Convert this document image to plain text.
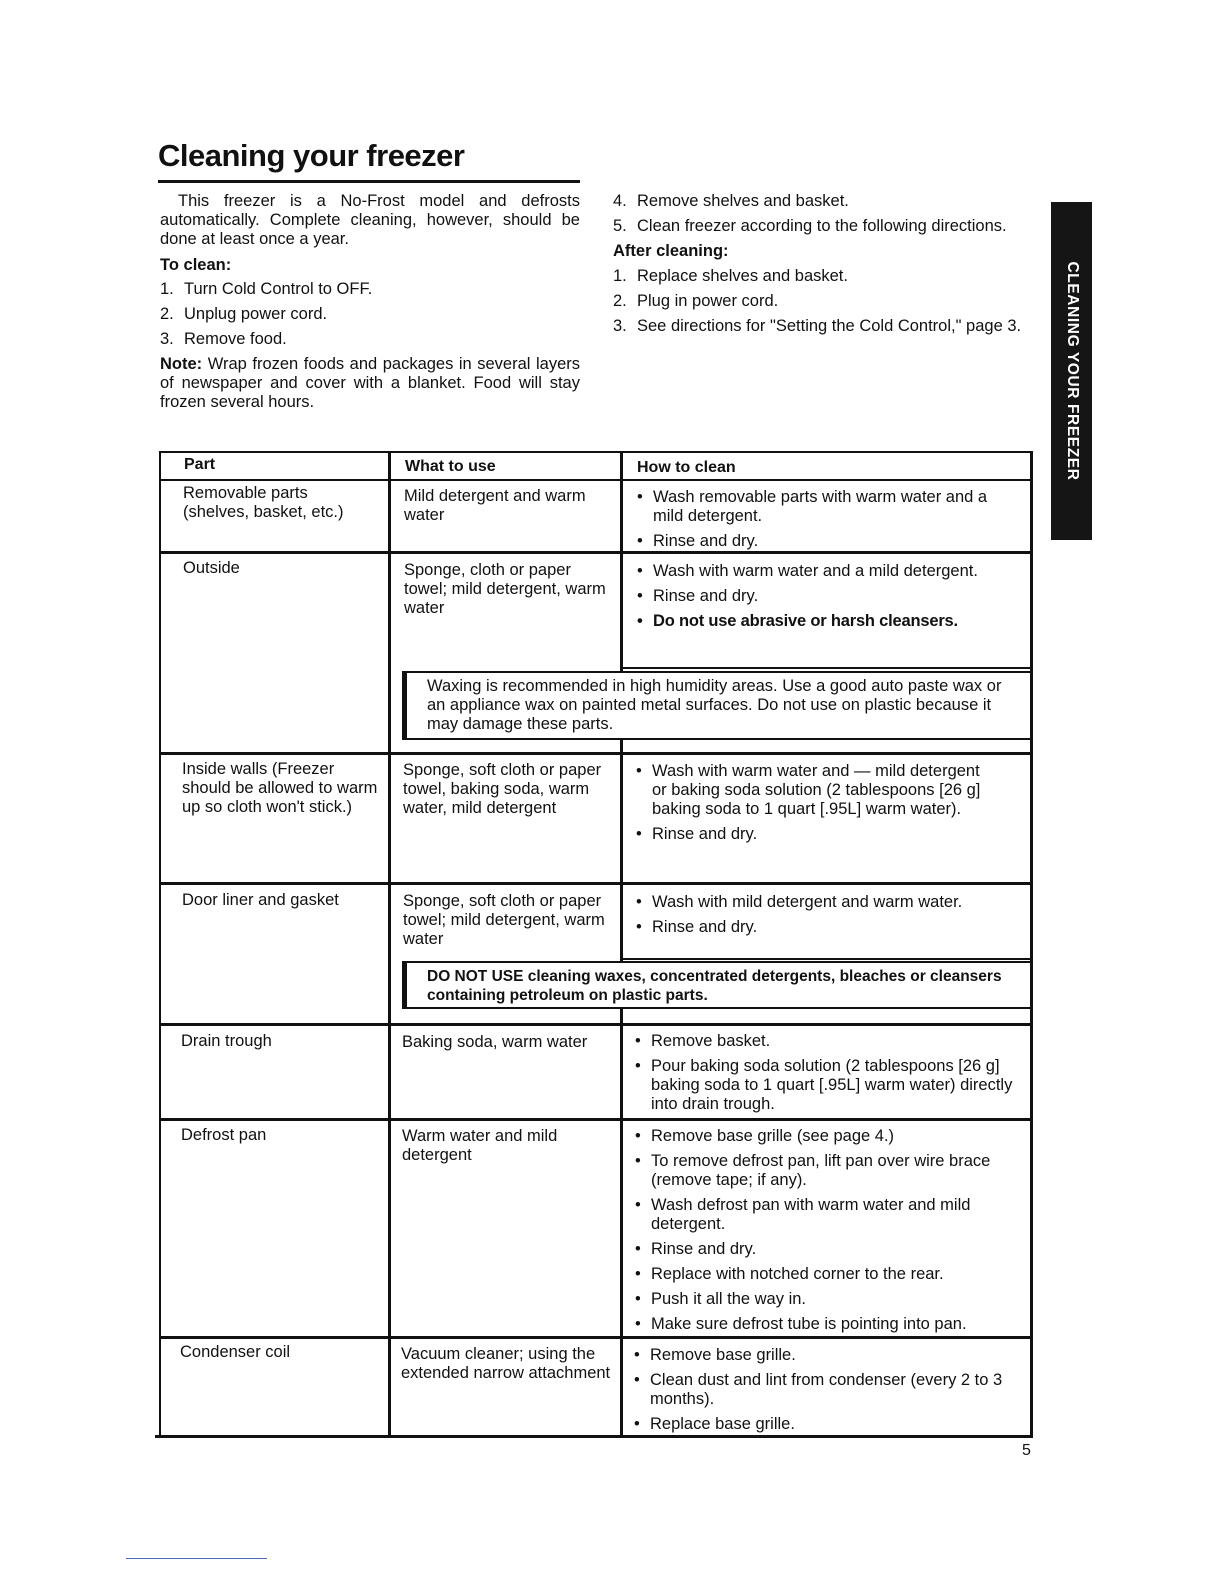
Cleaning your freezer
CLEANING YOUR FREEZER

This freezer is a No-Frost model and defrosts automatically. Complete cleaning, however, should be done at least once a year.

To clean:

1. Turn Cold Control to OFF.
2. Unplug power cord.
3. Remove food.

Note: Wrap frozen foods and packages in several layers of newspaper and cover with a blanket. Food will stay frozen several hours.

4. Remove shelves and basket.
5. Clean freezer according to the following directions.

After cleaning:

1. Replace shelves and basket.
2. Plug in power cord.
3. See directions for "Setting the Cold Control," page 3.
Part	What to use	How to clean
Removable parts (shelves, basket, etc.)
Mild detergent and warm water
• Wash removable parts with warm water and a mild detergent.
• Rinse and dry.
Outside	Sponge, cloth or paper towel; mild detergent, warm water
• Wash with warm water and a mild detergent.
• Rinse and dry.
• Do not use abrasive or harsh cleansers.
Waxing is recommended in high humidity areas. Use a good auto paste wax or an appliance wax on painted metal surfaces. Do not use on plastic because it may damage these parts.
Inside walls (Freezer should be allowed to warm up so cloth won't stick.)
Sponge, soft cloth or paper towel, baking soda, warm water, mild detergent
• Wash with warm water and — mild detergent or baking soda solution (2 tablespoons [26 g] baking soda to 1 quart [.95L] warm water).
• Rinse and dry.
Door liner and gasket	Sponge, soft cloth or paper towel; mild detergent, warm water
• Wash with mild detergent and warm water.
• Rinse and dry.
DO NOT USE cleaning waxes, concentrated detergents, bleaches or cleansers containing petroleum on plastic parts.
Drain trough	Baking soda, warm water
•	Remove basket.
• Pour baking soda solution (2 tablespoons [26 g] baking soda to 1 quart [.95L] warm water) directly into drain trough.
Defrost pan	Warm water and mild detergent
• Remove base grille (see page 4.)
• To remove defrost pan, lift pan over wire brace (remove tape; if any).
• Wash defrost pan with warm water and mild detergent.
• Rinse and dry.
• Replace with notched corner to the rear.
• Push it all the way in.
• Make sure defrost tube is pointing into pan.
Condenser coil	Vacuum cleaner; using the extended narrow attachment
• Remove base grille.
• Clean dust and lint from condenser (every 2 to 3 months).
• Replace base grille.
5
